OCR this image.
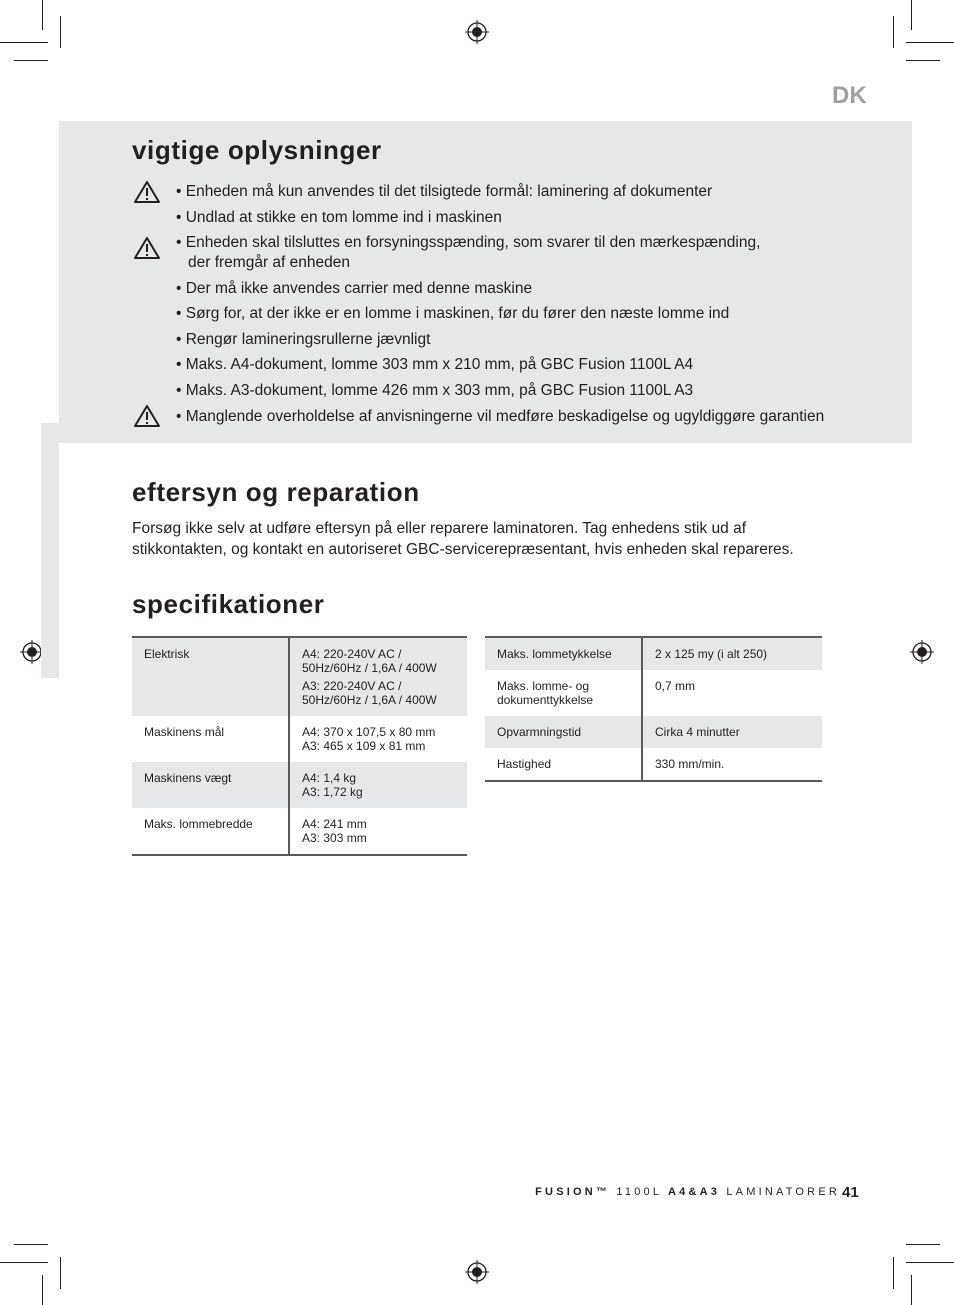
DK
vigtige oplysninger
• Enheden må kun anvendes til det tilsigtede formål: laminering af dokumenter
• Undlad at stikke en tom lomme ind i maskinen
• Enheden skal tilsluttes en forsyningsspænding, som svarer til den mærkespænding,
der fremgår af enheden
• Der må ikke anvendes carrier med denne maskine
• Sørg for, at der ikke er en lomme i maskinen, før du fører den næste lomme ind
• Rengør lamineringsrullerne jævnligt
• Maks. A4-dokument, lomme 303 mm x 210 mm, på GBC Fusion 1100L A4
• Maks. A3-dokument, lomme 426 mm x 303 mm, på GBC Fusion 1100L A3
• Manglende overholdelse af anvisningerne vil medføre beskadigelse og ugyldiggøre garantien
eftersyn og reparation
Forsøg ikke selv at udføre eftersyn på eller reparere laminatoren. Tag enhedens stik ud af
stikkontakten, og kontakt en autoriseret GBC-servicerepræsentant, hvis enheden skal repareres.
specifikationer
Elektrisk	A4: 220-240V AC /
50Hz/60Hz / 1,6A / 400W
A3: 220-240V AC /
50Hz/60Hz / 1,6A / 400W

Maskinens mål	A4: 370 x 107,5 x 80 mm
A3: 465 x 109 x 81 mm
Maskinens vægt	A4: 1,4 kg
A3: 1,72 kg
Maks. lommebredde	A4: 241 mm
A3: 303 mm
Maks. lommetykkelse	2 x 125 my (i alt 250)
Maks. lomme- og
dokumenttykkelse	0,7 mm
Opvarmningstid	Cirka 4 minutter
Hastighed	330 mm/min.
FUSION™ 1100L A4&A3 LAMINATORER 41
